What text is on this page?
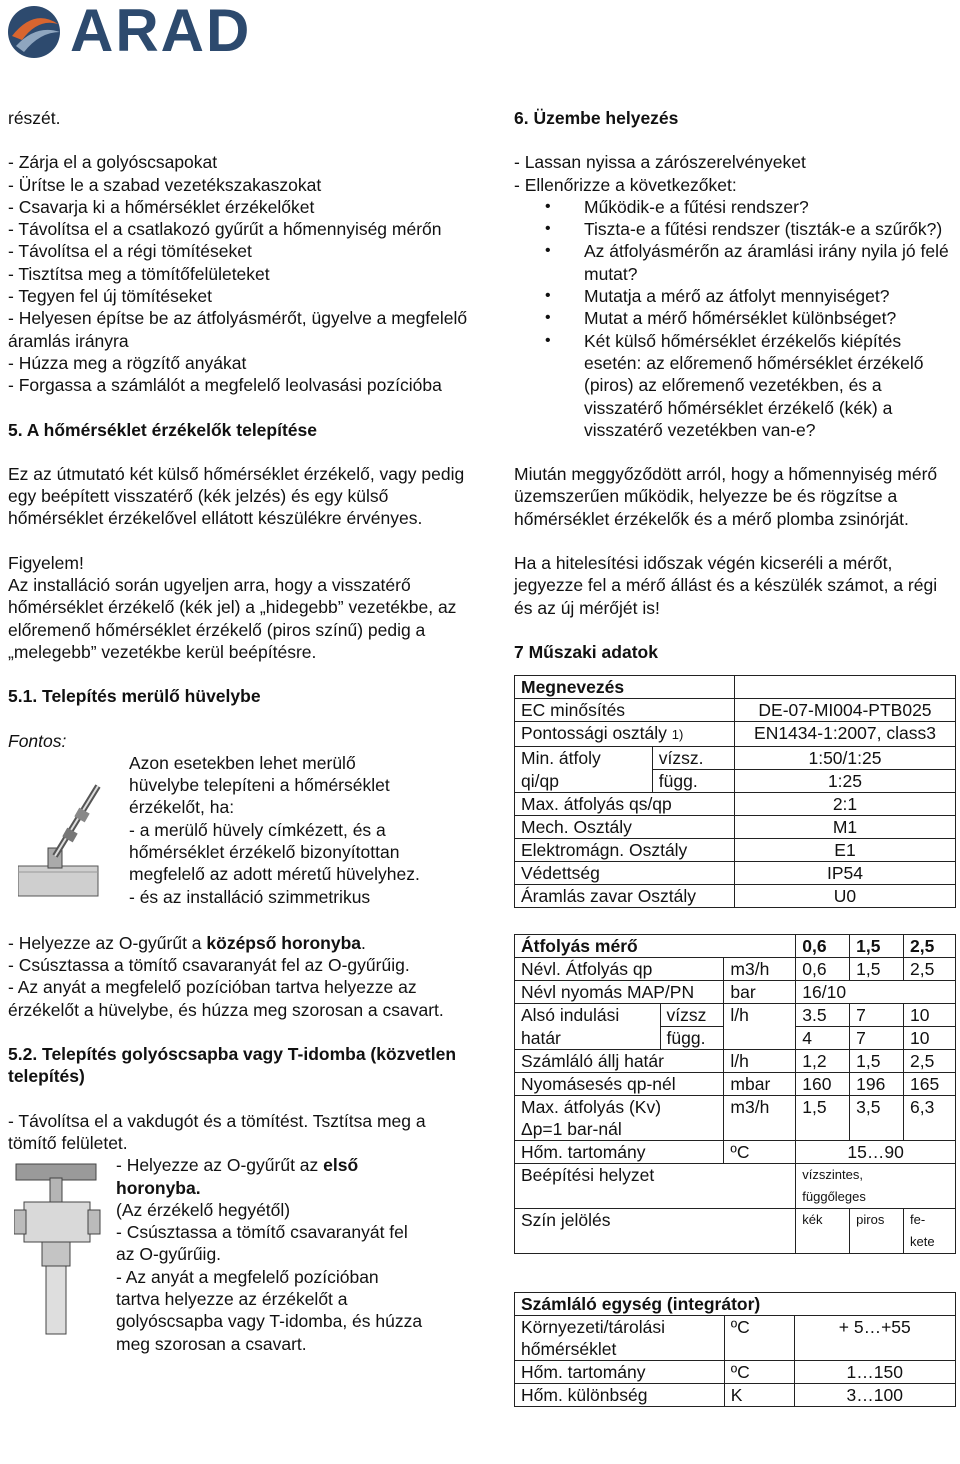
ARAD

részét.

- Zárja el a golyóscsapokat

- Ürítse le a szabad vezetékszakaszokat

- Csavarja ki a hőmérséklet érzékelőket

- Távolítsa el a csatlakozó gyűrűt a hőmennyiség mérőn

- Távolítsa el a régi tömítéseket

- Tisztítsa meg a tömítőfelületeket

- Tegyen fel új tömítéseket

- Helyesen építse be az átfolyásmérőt, ügyelve a megfelelő áramlás irányra

- Húzza meg a rögzítő anyákat

- Forgassa a számlálót a megfelelő leolvasási pozícióba

5. A hőmérséklet érzékelők telepítése

Ez az útmutató két külső hőmérséklet érzékelő, vagy pedig egy beépített visszatérő (kék jelzés) és egy külső hőmérséklet érzékelővel ellátott készülékre érvényes.

Figyelem!

Az installáció során ugyeljen arra, hogy a visszatérő hőmérséklet érzékelő (kék jel) a „hidegebb” vezetékbe, az előremenő hőmérséklet érzékelő (piros színű) pedig a „melegebb” vezetékbe kerül beépítésre.

5.1. Telepítés merülő hüvelybe

Fontos:

Azon esetekben lehet merülő

hüvelybe telepíteni a hőmérséklet

érzékelőt, ha:

- a merülő hüvely címkézett, és a

hőmérséklet érzékelő bizonyítottan

megfelelő az adott méretű hüvelyhez.

- és az installáció szimmetrikus

- Helyezze az O-gyűrűt a középső horonyba.

- Csúsztassa a tömítő csavaranyát fel az O-gyűrűig.

- Az anyát a megfelelő pozícióban tartva helyezze az érzékelőt a hüvelybe, és húzza meg szorosan a csavart.

5.2. Telepítés golyóscsapba vagy T-idomba (közvetlen telepítés)

- Távolítsa el a vakdugót és a tömítést. Tsztítsa meg a tömítő felületet.

- Helyezze az O-gyűrűt az első

horonyba.

(Az érzékelő hegyétől)

- Csúsztassa a tömítő csavaranyát fel

az O-gyűrűig.

- Az anyát a megfelelő pozícióban

tartva helyezze az érzékelőt a

golyóscsapba vagy T-idomba, és húzza

meg szorosan a csavart.

6. Üzembe helyezés

- Lassan nyissa a zárószerelvényeket

- Ellenőrizze a következőket:

• Működik-e a fűtési rendszer?
• Tiszta-e a fűtési rendszer (tiszták-e a szűrők?)
• Az átfolyásmérőn az áramlási irány nyila jó felé mutat?
• Mutatja a mérő az átfolyt mennyiséget?
• Mutat a mérő hőmérséklet különbséget?
• Két külső hőmérséklet érzékelős kiépítés esetén: az előremenő hőmérséklet érzékelő (piros) az előremenő vezetékben, és a visszatérő hőmérséklet érzékelő (kék) a visszatérő vezetékben van-e?

Miután meggyőződött arról, hogy a hőmennyiség mérő üzemszerűen működik, helyezze be és rögzítse a hőmérséklet érzékelők és a mérő plomba zsinórját.

Ha a hitelesítési időszak végén kicseréli a mérőt, jegyezze fel a mérő állást és a készülék számot, a régi és az új mérőjét is!

7 Műszaki adatok

Megnevezés		
EC minősítés		DE-07-MI004-PTB025
Pontossági osztály 1)		EN1434-1:2007, class3
Min. átfoly	vízsz.	1:50/1:25
qi/qp	függ.	1:25
Max. átfolyás qs/qp		2:1
Mech. Osztály		M1
Elektromágn. Osztály		E1
Védettség		IP54
Áramlás zavar Osztály		U0
Átfolyás mérő			0,6	1,5	2,5
Névl. Átfolyás qp		m3/h	0,6	1,5	2,5
Névl nyomás MAP/PN		bar	16/10		
Alsó indulási	vízsz	l/h	3.5	7	10
határ	függ.		4	7	10
Számláló állj határ		l/h	1,2	1,5	2,5
Nyomásesés qp-nél		mbar	160	196	165
Max. átfolyás (Kv)		m3/h	1,5	3,5	6,3
Δp=1 bar-nál					
Hőm. tartomány		ºC	15…90		
Beépítési helyzet			vízszintes,
függőleges		

Szín jelölés			kék	piros	fe-
kete
Számláló egység (integrátor)		

Környezeti/tárolási
hőmérséklet	ºC	+ 5…+55
Hőm. tartomány	ºC	1…150
Hőm. különbség	K	3…100
